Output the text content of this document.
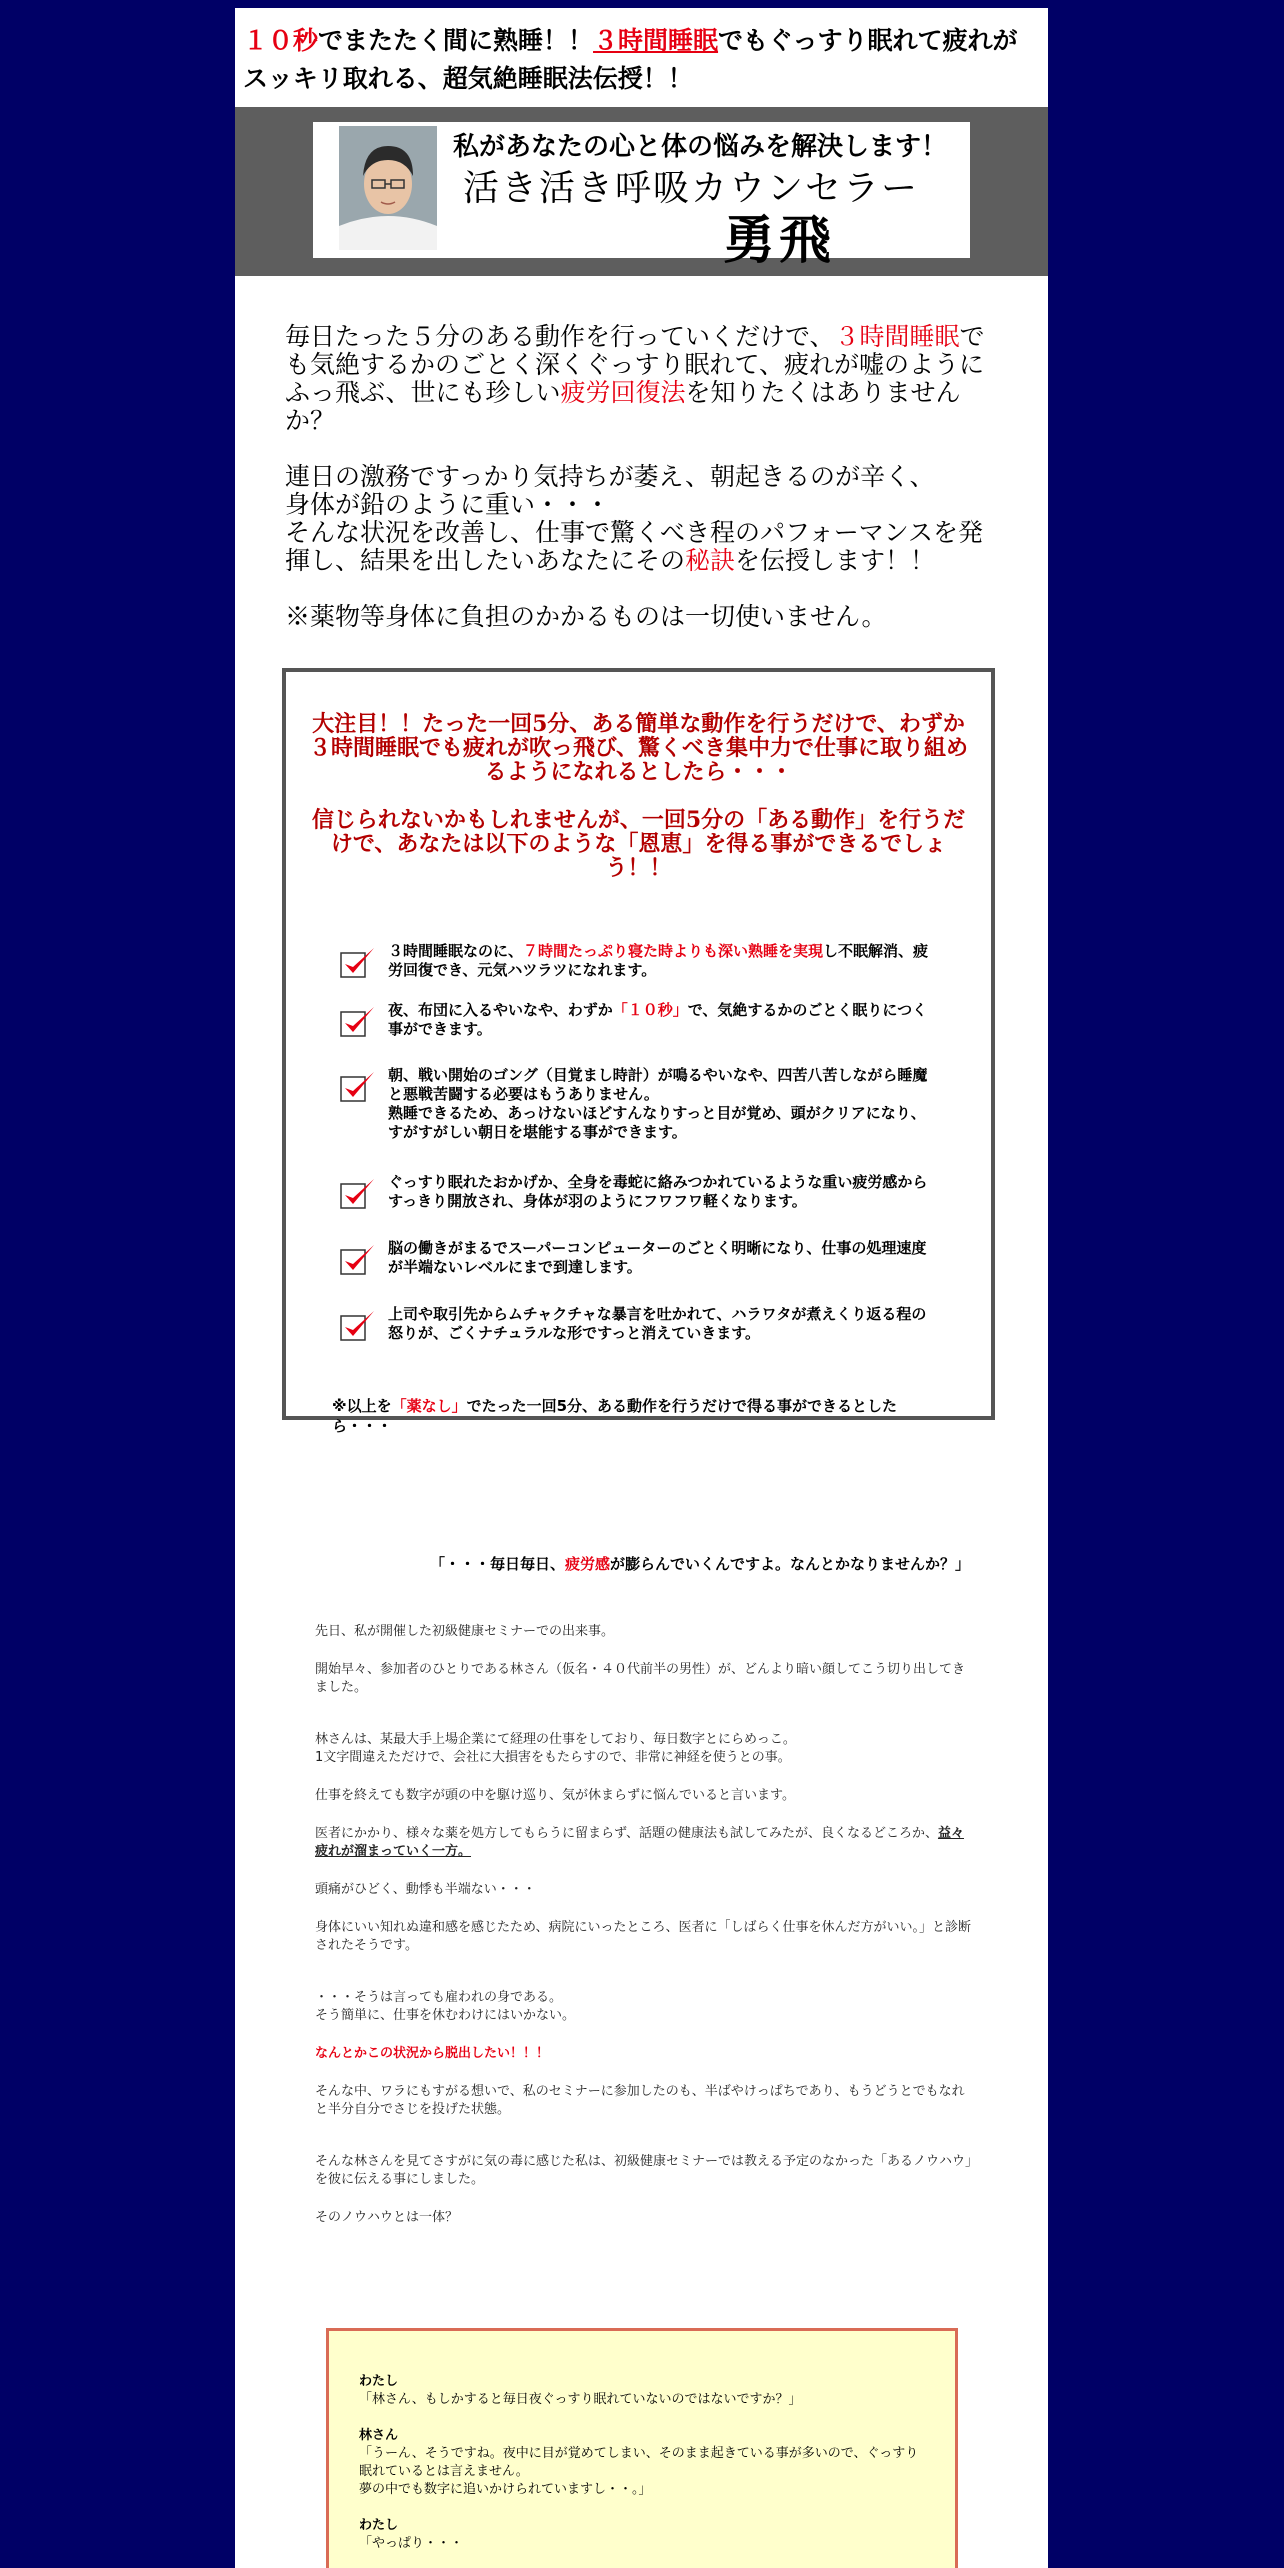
１０秒でまたたく間に熟睡！！３時間睡眠でもぐっすり眠れて疲れがスッキリ取れる、超気絶睡眠法伝授！！
私があなたの心と体の悩みを解決します！
活き活き呼吸カウンセラー
勇飛

毎日たった５分のある動作を行っていくだけで、３時間睡眠でも気絶するかのごとく深くぐっすり眠れて、疲れが嘘のようにふっ飛ぶ、世にも珍しい疲労回復法を知りたくはありませんか？

連日の激務ですっかり気持ちが萎え、朝起きるのが辛く、
身体が鉛のように重い・・・
そんな状況を改善し、仕事で驚くべき程のパフォーマンスを発揮し、結果を出したいあなたにその秘訣を伝授します！！

※薬物等身体に負担のかかるものは一切使いません。

大注目！！たった一回5分、ある簡単な動作を行うだけで、わずか３時間睡眠でも疲れが吹っ飛び、驚くべき集中力で仕事に取り組めるようになれるとしたら・・・

信じられないかもしれませんが、一回5分の「ある動作」を行うだけで、あなたは以下のような「恩恵」を得る事ができるでしょう！！

３時間睡眠なのに、７時間たっぷり寝た時よりも深い熟睡を実現し不眠解消、疲労回復でき、元気ハツラツになれます。
夜、布団に入るやいなや、わずか「１０秒」で、気絶するかのごとく眠りにつく事ができます。
朝、戦い開始のゴング（目覚まし時計）が鳴るやいなや、四苦八苦しながら睡魔と悪戦苦闘する必要はもうありません。
熟睡できるため、あっけないほどすんなりすっと目が覚め、頭がクリアになり、すがすがしい朝日を堪能する事ができます。
ぐっすり眠れたおかげか、全身を毒蛇に絡みつかれているような重い疲労感からすっきり開放され、身体が羽のようにフワフワ軽くなります。
脳の働きがまるでスーパーコンピューターのごとく明晰になり、仕事の処理速度が半端ないレベルにまで到達します。
上司や取引先からムチャクチャな暴言を吐かれて、ハラワタが煮えくり返る程の怒りが、ごくナチュラルな形ですっと消えていきます。
※以上を「薬なし」でたった一回5分、ある動作を行うだけで得る事ができるとしたら・・・

「・・・毎日毎日、疲労感が膨らんでいくんですよ。なんとかなりませんか？」

先日、私が開催した初級健康セミナーでの出来事。

開始早々、参加者のひとりである林さん（仮名・４０代前半の男性）が、どんより暗い顔してこう切り出してきました。

林さんは、某最大手上場企業にて経理の仕事をしており、毎日数字とにらめっこ。
1文字間違えただけで、会社に大損害をもたらすので、非常に神経を使うとの事。

仕事を終えても数字が頭の中を駆け巡り、気が休まらずに悩んでいると言います。

医者にかかり、様々な薬を処方してもらうに留まらず、話題の健康法も試してみたが、良くなるどころか、益々疲れが溜まっていく一方。

頭痛がひどく、動悸も半端ない・・・

身体にいい知れぬ違和感を感じたため、病院にいったところ、医者に「しばらく仕事を休んだ方がいい。」と診断されたそうです。

・・・そうは言っても雇われの身である。
そう簡単に、仕事を休むわけにはいかない。

なんとかこの状況から脱出したい！！！

そんな中、ワラにもすがる想いで、私のセミナーに参加したのも、半ばやけっぱちであり、もうどうとでもなれと半分自分でさじを投げた状態。

そんな林さんを見てさすがに気の毒に感じた私は、初級健康セミナーでは教える予定のなかった「あるノウハウ」を彼に伝える事にしました。

そのノウハウとは一体？

わたし
「林さん、もしかすると毎日夜ぐっすり眠れていないのではないですか？」

林さん
「うーん、そうですね。夜中に目が覚めてしまい、そのまま起きている事が多いので、ぐっすり眠れているとは言えません。
夢の中でも数字に追いかけられていますし・・。」

わたし
「やっぱり・・・
